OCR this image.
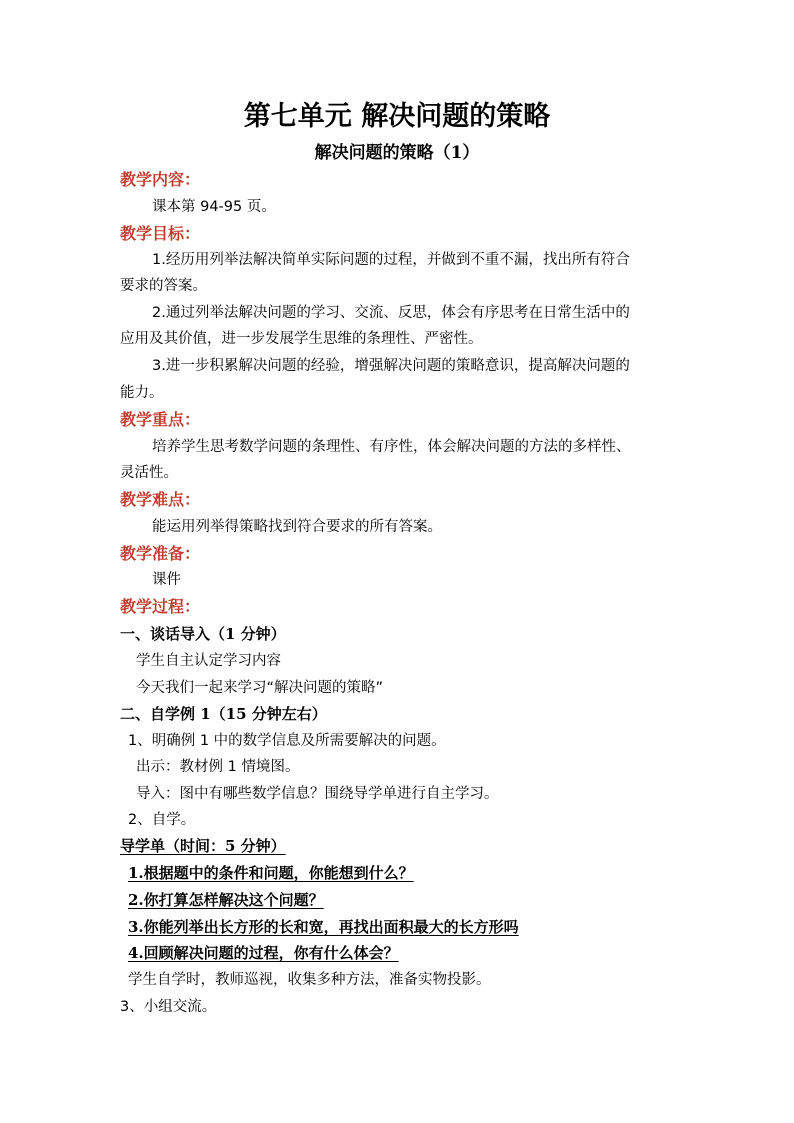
第七单元 解决问题的策略
解决问题的策略（1）
教学内容：
课本第 94-95 页。
教学目标：
1.经历用列举法解决简单实际问题的过程，并做到不重不漏，找出所有符合
要求的答案。
2.通过列举法解决问题的学习、交流、反思，体会有序思考在日常生活中的
应用及其价值，进一步发展学生思维的条理性、严密性。
3.进一步积累解决问题的经验，增强解决问题的策略意识，提高解决问题的
能力。
教学重点：
培养学生思考数学问题的条理性、有序性，体会解决问题的方法的多样性、
灵活性。
教学难点：
能运用列举得策略找到符合要求的所有答案。
教学准备：
课件
教学过程：
一、谈话导入（1 分钟）
学生自主认定学习内容
今天我们一起来学习“解决问题的策略”
二、自学例 1（15 分钟左右）
1、明确例 1 中的数学信息及所需要解决的问题。
出示：教材例 1 情境图。
导入：图中有哪些数学信息？围绕导学单进行自主学习。
2、自学。
导学单（时间：5 分钟）
1.根据题中的条件和问题，你能想到什么？
2.你打算怎样解决这个问题？
3.你能列举出长方形的长和宽，再找出面积最大的长方形吗
4.回顾解决问题的过程，你有什么体会？
学生自学时，教师巡视，收集多种方法，准备实物投影。
3、小组交流。
